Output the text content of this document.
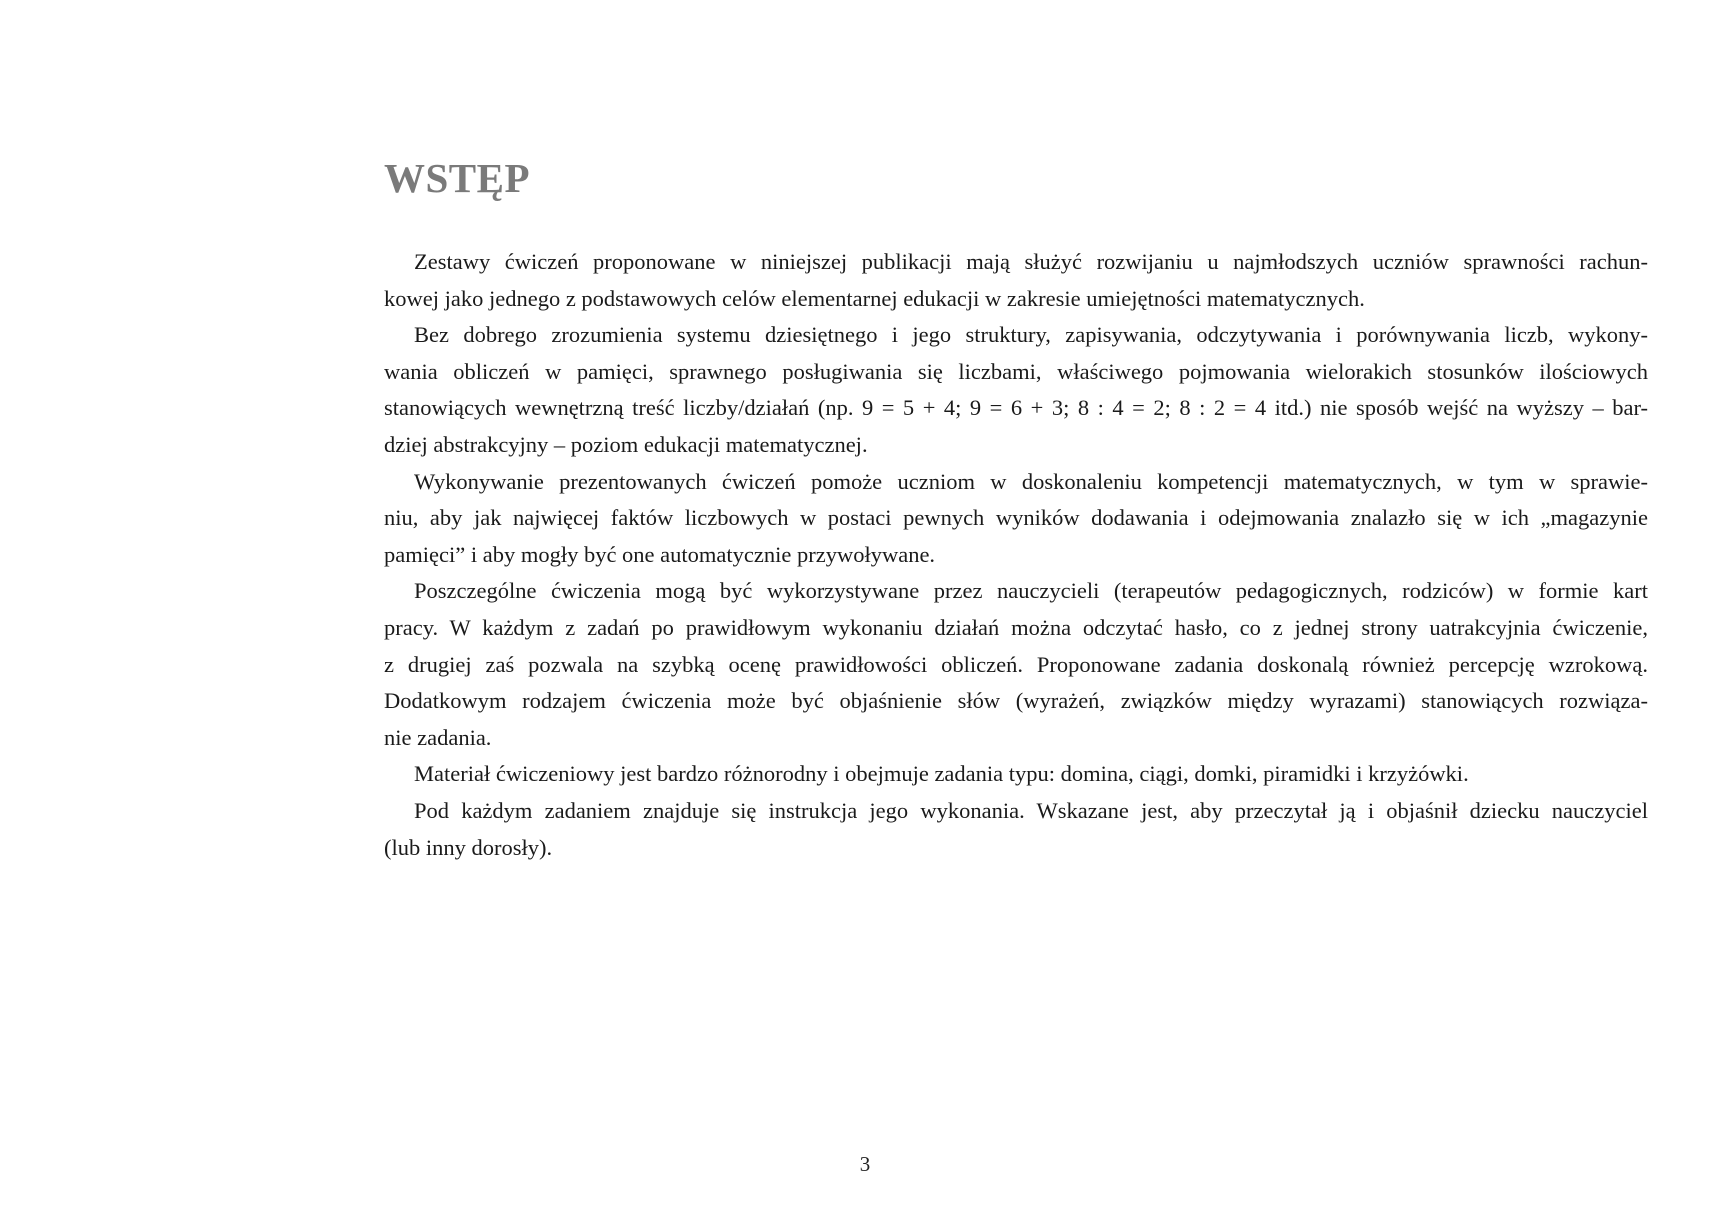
WSTĘP
Zestawy ćwiczeń proponowane w niniejszej publikacji mają służyć rozwijaniu u najmłodszych uczniów sprawności rachun-
kowej jako jednego z podstawowych celów elementarnej edukacji w zakresie umiejętności matematycznych.
Bez dobrego zrozumienia systemu dziesiętnego i jego struktury, zapisywania, odczytywania i porównywania liczb, wykony-
wania obliczeń w pamięci, sprawnego posługiwania się liczbami, właściwego pojmowania wielorakich stosunków ilościowych
stanowiących wewnętrzną treść liczby/działań (np. 9 = 5 + 4; 9 = 6 + 3; 8 : 4 = 2; 8 : 2 = 4 itd.) nie sposób wejść na wyższy – bar-
dziej abstrakcyjny – poziom edukacji matematycznej.
Wykonywanie prezentowanych ćwiczeń pomoże uczniom w doskonaleniu kompetencji matematycznych, w tym w sprawie-
niu, aby jak najwięcej faktów liczbowych w postaci pewnych wyników dodawania i odejmowania znalazło się w ich „magazynie
pamięci” i aby mogły być one automatycznie przywoływane.
Poszczególne ćwiczenia mogą być wykorzystywane przez nauczycieli (terapeutów pedagogicznych, rodziców) w formie kart
pracy. W każdym z zadań po prawidłowym wykonaniu działań można odczytać hasło, co z jednej strony uatrakcyjnia ćwiczenie,
z drugiej zaś pozwala na szybką ocenę prawidłowości obliczeń. Proponowane zadania doskonalą również percepcję wzrokową.
Dodatkowym rodzajem ćwiczenia może być objaśnienie słów (wyrażeń, związków między wyrazami) stanowiących rozwiąza-
nie zadania.
Materiał ćwiczeniowy jest bardzo różnorodny i obejmuje zadania typu: domina, ciągi, domki, piramidki i krzyżówki.
Pod każdym zadaniem znajduje się instrukcja jego wykonania. Wskazane jest, aby przeczytał ją i objaśnił dziecku nauczyciel
(lub inny dorosły).
3
